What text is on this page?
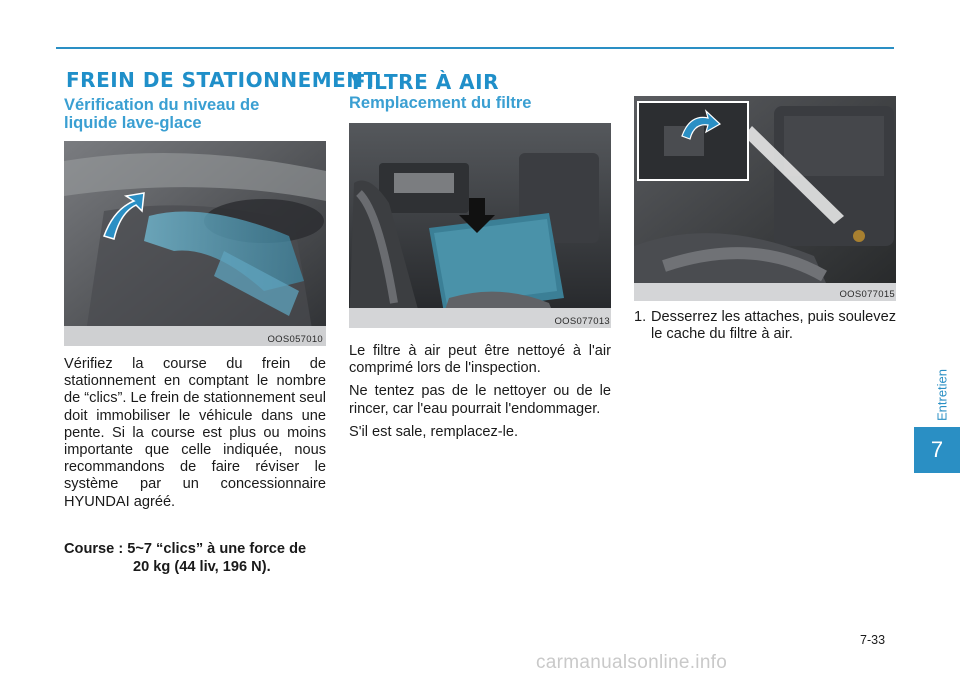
FREIN DE STATIONNEMENT
Vérification du niveau de
liquide lave-glace
OOS057010

Vérifiez la course du frein de stationnement en comptant le nombre de “clics”. Le frein de stationnement seul doit immobiliser le véhicule dans une pente. Si la course est plus ou moins importante que celle indiquée, nous recommandons de faire réviser le système par un concessionnaire HYUNDAI agréé.

Course : 5~7 “clics” à une force de
20 kg (44 liv, 196 N).
FILTRE À AIR
Remplacement du filtre
OOS077013

Le filtre à air peut être nettoyé à l'air comprimé lors de l'inspection.

Ne tentez pas de le nettoyer ou de le rincer, car l'eau pourrait l'endommager.

S'il est sale, remplacez-le.

OOS077015
1. Desserrez les attaches, puis soulevez le cache du filtre à air.
Entretien
7
7-33
carmanualsonline.info
